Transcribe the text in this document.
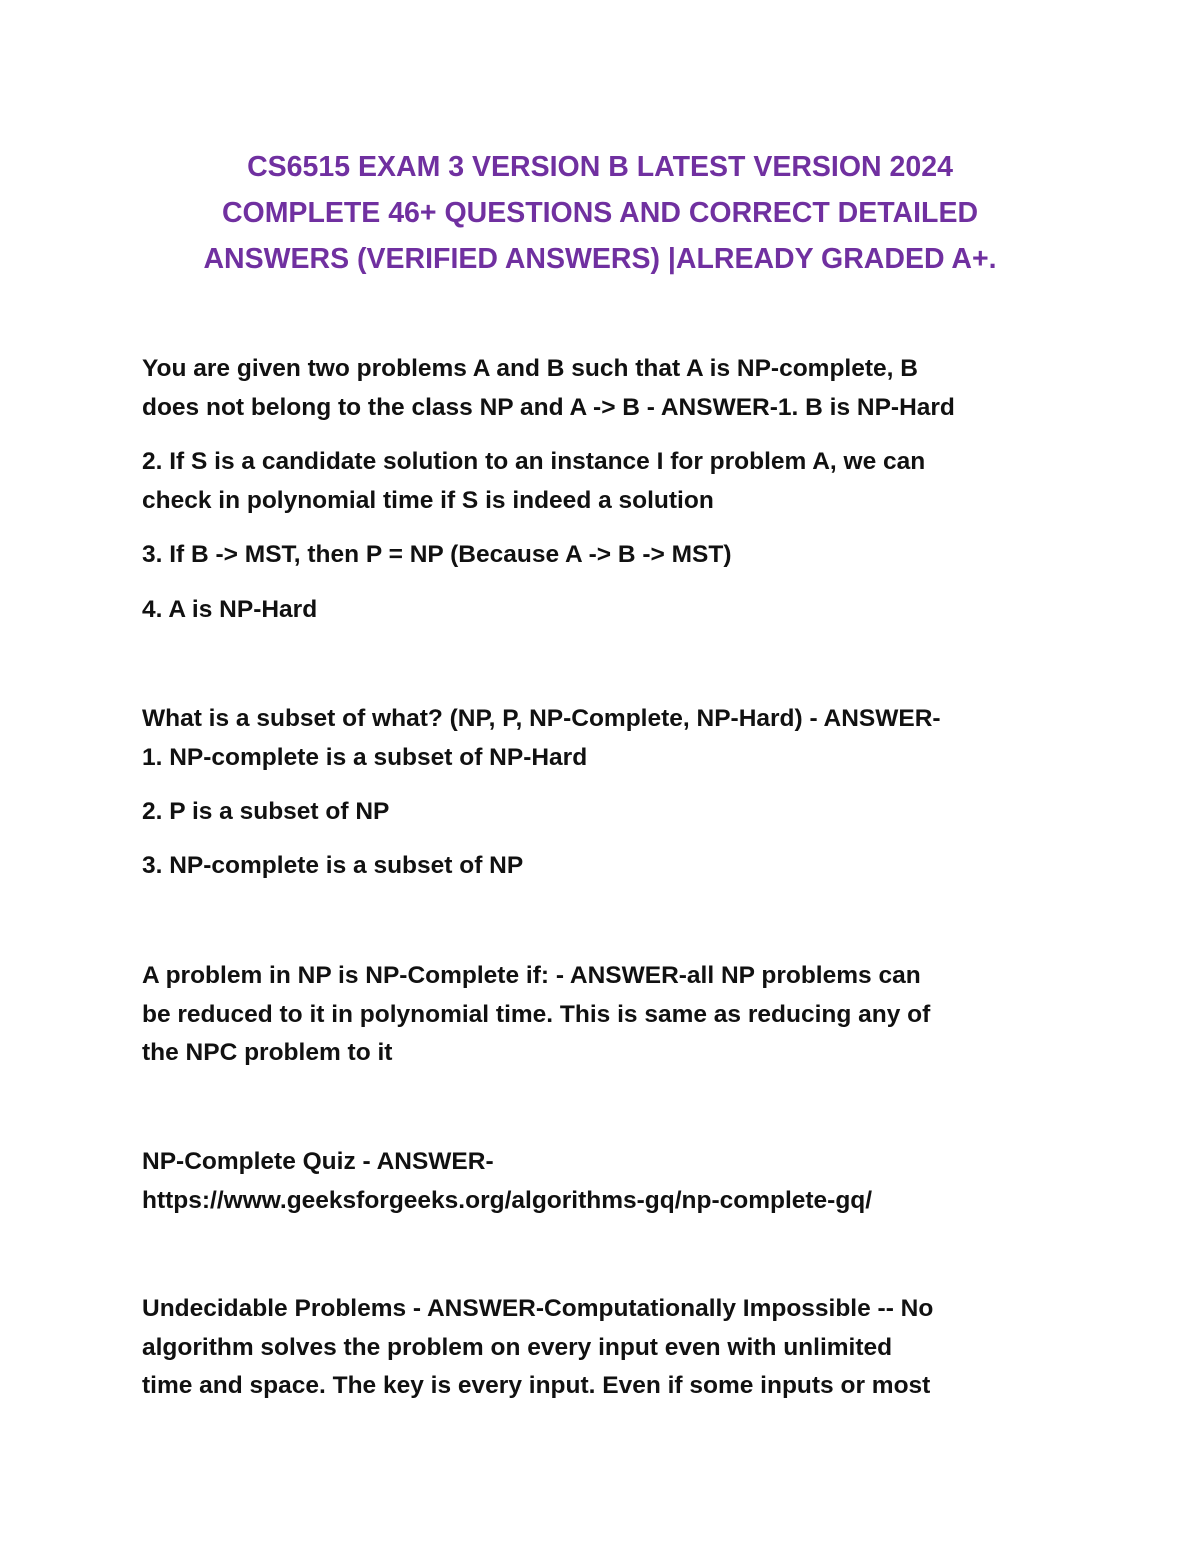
CS6515 EXAM 3 VERSION B LATEST VERSION 2024
COMPLETE 46+ QUESTIONS AND CORRECT DETAILED
ANSWERS (VERIFIED ANSWERS) |ALREADY GRADED A+.
You are given two problems A and B such that A is NP-complete, B
does not belong to the class NP and A -> B - ANSWER-1. B is NP-Hard
2. If S is a candidate solution to an instance I for problem A, we can
check in polynomial time if S is indeed a solution
3. If B -> MST, then P = NP (Because A -> B -> MST)
4. A is NP-Hard
What is a subset of what? (NP, P, NP-Complete, NP-Hard) - ANSWER-
1. NP-complete is a subset of NP-Hard
2. P is a subset of NP
3. NP-complete is a subset of NP
A problem in NP is NP-Complete if: - ANSWER-all NP problems can
be reduced to it in polynomial time. This is same as reducing any of
the NPC problem to it
NP-Complete Quiz - ANSWER-
https://www.geeksforgeeks.org/algorithms-gq/np-complete-gq/
Undecidable Problems - ANSWER-Computationally Impossible -- No
algorithm solves the problem on every input even with unlimited
time and space. The key is every input. Even if some inputs or most
